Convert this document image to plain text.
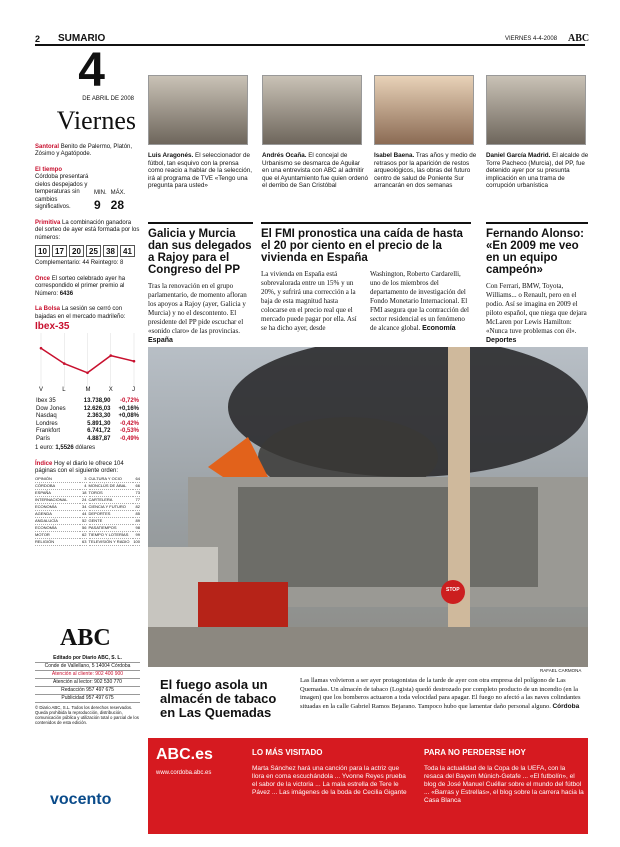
2 SUMARIO	VIERNES 4-4-2008 ABC
4
DE ABRIL DE 2008
Viernes
Santoral Benito de Palermo, Platón, Zósimo y Agatópode.
El tiempo
Córdoba presentará cielos despejados y temperaturas sin cambios significativos.
MIN.
9
MÁX.
28
Primitiva La combinación ganadora del sorteo de ayer está formada por los números:
10	17	20	25	38	41
Complementario: 44 Reintegro: 8
Once El sorteo celebrado ayer ha correspondido el primer premio al Número: 6436
La Bolsa La sesión se cerró con bajadas en el mercado madrileño:
Ibex-35
V	L	M	X	J
Ibex 35	13.738,90	-0,72%
Dow Jones	12.626,03	+0,16%
Nasdaq	2.363,30	+0,08%
Londres	5.891,30	-0,42%
Frankfort	6.741,72	-0,53%
París	4.887,87	-0,49%
1 euro: 1,5526 dólares
Índice Hoy el diario le ofrece 104 páginas con el siguiente orden:
OPINIÓN	3
CÓRDOBA	4
ESPAÑA	18
INTERNACIONAL	24
ECONOMÍA	34
AGENDA	44
ANDALUCÍA	52
ECONOMÍA	56
MOTOR	62
RELIGIÓN	63
CULTURA Y OCIO	64
MONCLÚS DE ÁBAL	66
TOROS	73
CARTELERA	77
CIENCIA Y FUTURO	82
DEPORTES	85
GENTE	89
PASATIEMPOS	98
TIEMPO Y LOTERÍAS	99
TELEVISIÓN Y RADIO	100
ABC
Editado por Diario ABC, S. L.
Conde de Vallellano, 5 14004 Córdoba
Atención al cliente: 902 400 900
Atención al lector: 902 530 770
Redacción 957 497 675
Publicidad 957 497 675
© Diario ABC, S.L. Todos los derechos reservados. Queda prohibida la reproducción, distribución, comunicación pública y utilización total o parcial de los contenidos de esta edición.
vocento
Luis Aragonés. El seleccionador de fútbol, tan esquivo con la prensa como reacio a hablar de la selección, irá al programa de TVE «Tengo una pregunta para usted»
Andrés Ocaña. El concejal de Urbanismo se desmarca de Aguilar en una entrevista con ABC al admitir que el Ayuntamiento fue quien ordenó el derribo de San Cristóbal
Isabel Baena. Tras años y medio de retrasos por la aparición de restos arqueológicos, las obras del futuro centro de salud de Poniente Sur arrancarán en dos semanas
Daniel García Madrid. El alcalde de Torre Pacheco (Murcia), del PP, fue detenido ayer por su presunta implicación en una trama de corrupción urbanística
Galicia y Murcia dan sus delegados a Rajoy para el Congreso del PP
Tras la renovación en el grupo parlamentario, de momento afloran los apoyos a Rajoy (ayer, Galicia y Murcia) y no el descontento. El presidente del PP pide escuchar el «sonido claro» de las provincias. España
El FMI pronostica una caída de hasta el 20 por ciento en el precio de la vivienda en España
La vivienda en España está sobrevalorada entre un 15% y un 20%, y sufrirá una corrección a la baja de esta magnitud hasta colocarse en el precio real que el mercado puede pagar por ella. Así se ha dicho ayer, desde Washington, Roberto Cardarelli, uno de los miembros del departamento de investigación del Fondo Monetario Internacional. El FMI asegura que la contracción del sector residencial es un fenómeno de alcance global. Economía
Fernando Alonso: «En 2009 me veo en un equipo campeón»
Con Ferrari, BMW, Toyota, Williams... o Renault, pero en el podio. Así se imagina en 2009 el piloto español, que niega que dejara McLaren por Lewis Hamilton: «Nunca tuve problemas con él». Deportes
STOP
RAFAEL CARMONA
El fuego asola un almacén de tabaco en Las Quemadas
Las llamas volvieron a ser ayer protagonistas de la tarde de ayer con otra empresa del polígono de Las Quemadas. Un almacén de tabaco (Logista) quedó destrozado por completo producto de un incendio (en la imagen) que los bomberos actuaron a toda velocidad para apagar. El fuego no afectó a las naves colindantes situadas en la calle Gabriel Ramos Bejarano. Tampoco hubo que lamentar daño personal alguno. Córdoba
ABC.es
www.cordoba.abc.es
LO MÁS VISITADO
Marta Sánchez hará una canción para la actriz que llora en coma escuchándola ... Yvonne Reyes prueba el sabor de la victoria ... La mala estrella de Tere le Pávez ... Las imágenes de la boda de Cecilia Gigante
PARA NO PERDERSE HOY
Toda la actualidad de la Copa de la UEFA, con la resaca del Bayern Múnich-Getafe ... «El futbolín», el blog de José Manuel Cuéllar sobre el mundo del fútbol ... «Barras y Estrellas», el blog sobre la carrera hacia la Casa Blanca
